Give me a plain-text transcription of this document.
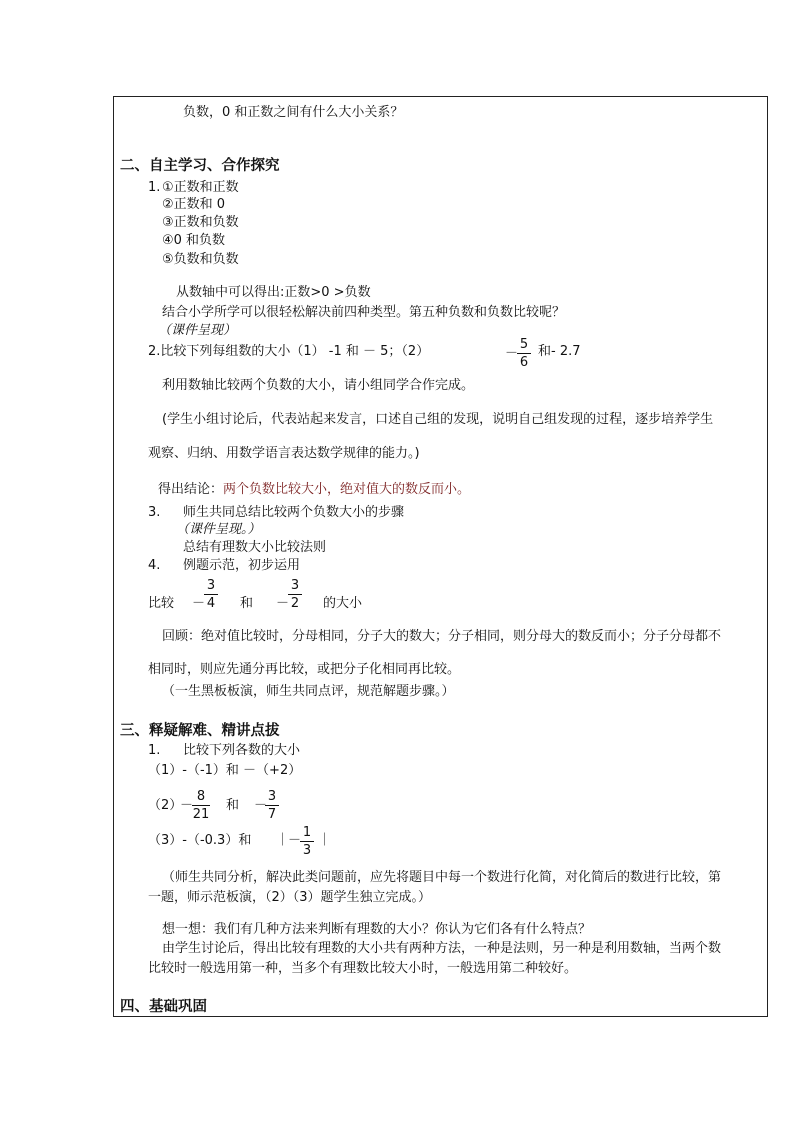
负数，0 和正数之间有什么大小关系？
二、自主学习、合作探究
1. ①正数和正数
②正数和 0
③正数和负数
④0 和负数
⑤负数和负数
从数轴中可以得出:正数>0 >负数
结合小学所学可以很轻松解决前四种类型。第五种负数和负数比较呢？
（课件呈现）
2.比较下列每组数的大小（1） -1 和 － 5；（2）	－
5
6
和- 2.7
利用数轴比较两个负数的大小，请小组同学合作完成。
(学生小组讨论后，代表站起来发言，口述自己组的发现，说明自己组发现的过程，逐步培养学生
观察、归纳、用数学语言表达数学规律的能力。)
得出结论：两个负数比较大小，绝对值大的数反而小。
3. 师生共同总结比较两个负数大小的步骤
（课件呈现。）
总结有理数大小比较法则
4. 例题示范，初步运用
比较 －
3
4 和 －
3
2 的大小
回顾：绝对值比较时，分母相同，分子大的数大；分子相同，则分母大的数反而小；分子分母都不
相同时，则应先通分再比较，或把分子化相同再比较。
（一生黑板板演，师生共同点评，规范解题步骤。）
三、释疑解难、精讲点拔
1. 比较下列各数的大小
（1）-（-1）和 －（+2）
（2）
－
8
21
和 －
3
7
（3）-（-0.3）和 ｜
－
1
3
｜
（师生共同分析，解决此类问题前，应先将题目中每一个数进行化简，对化简后的数进行比较，第
一题，师示范板演，（2）（3）题学生独立完成。）
想一想：我们有几种方法来判断有理数的大小？你认为它们各有什么特点？
由学生讨论后，得出比较有理数的大小共有两种方法，一种是法则，另一种是利用数轴，当两个数
比较时一般选用第一种，当多个有理数比较大小时，一般选用第二种较好。
四、基础巩固
